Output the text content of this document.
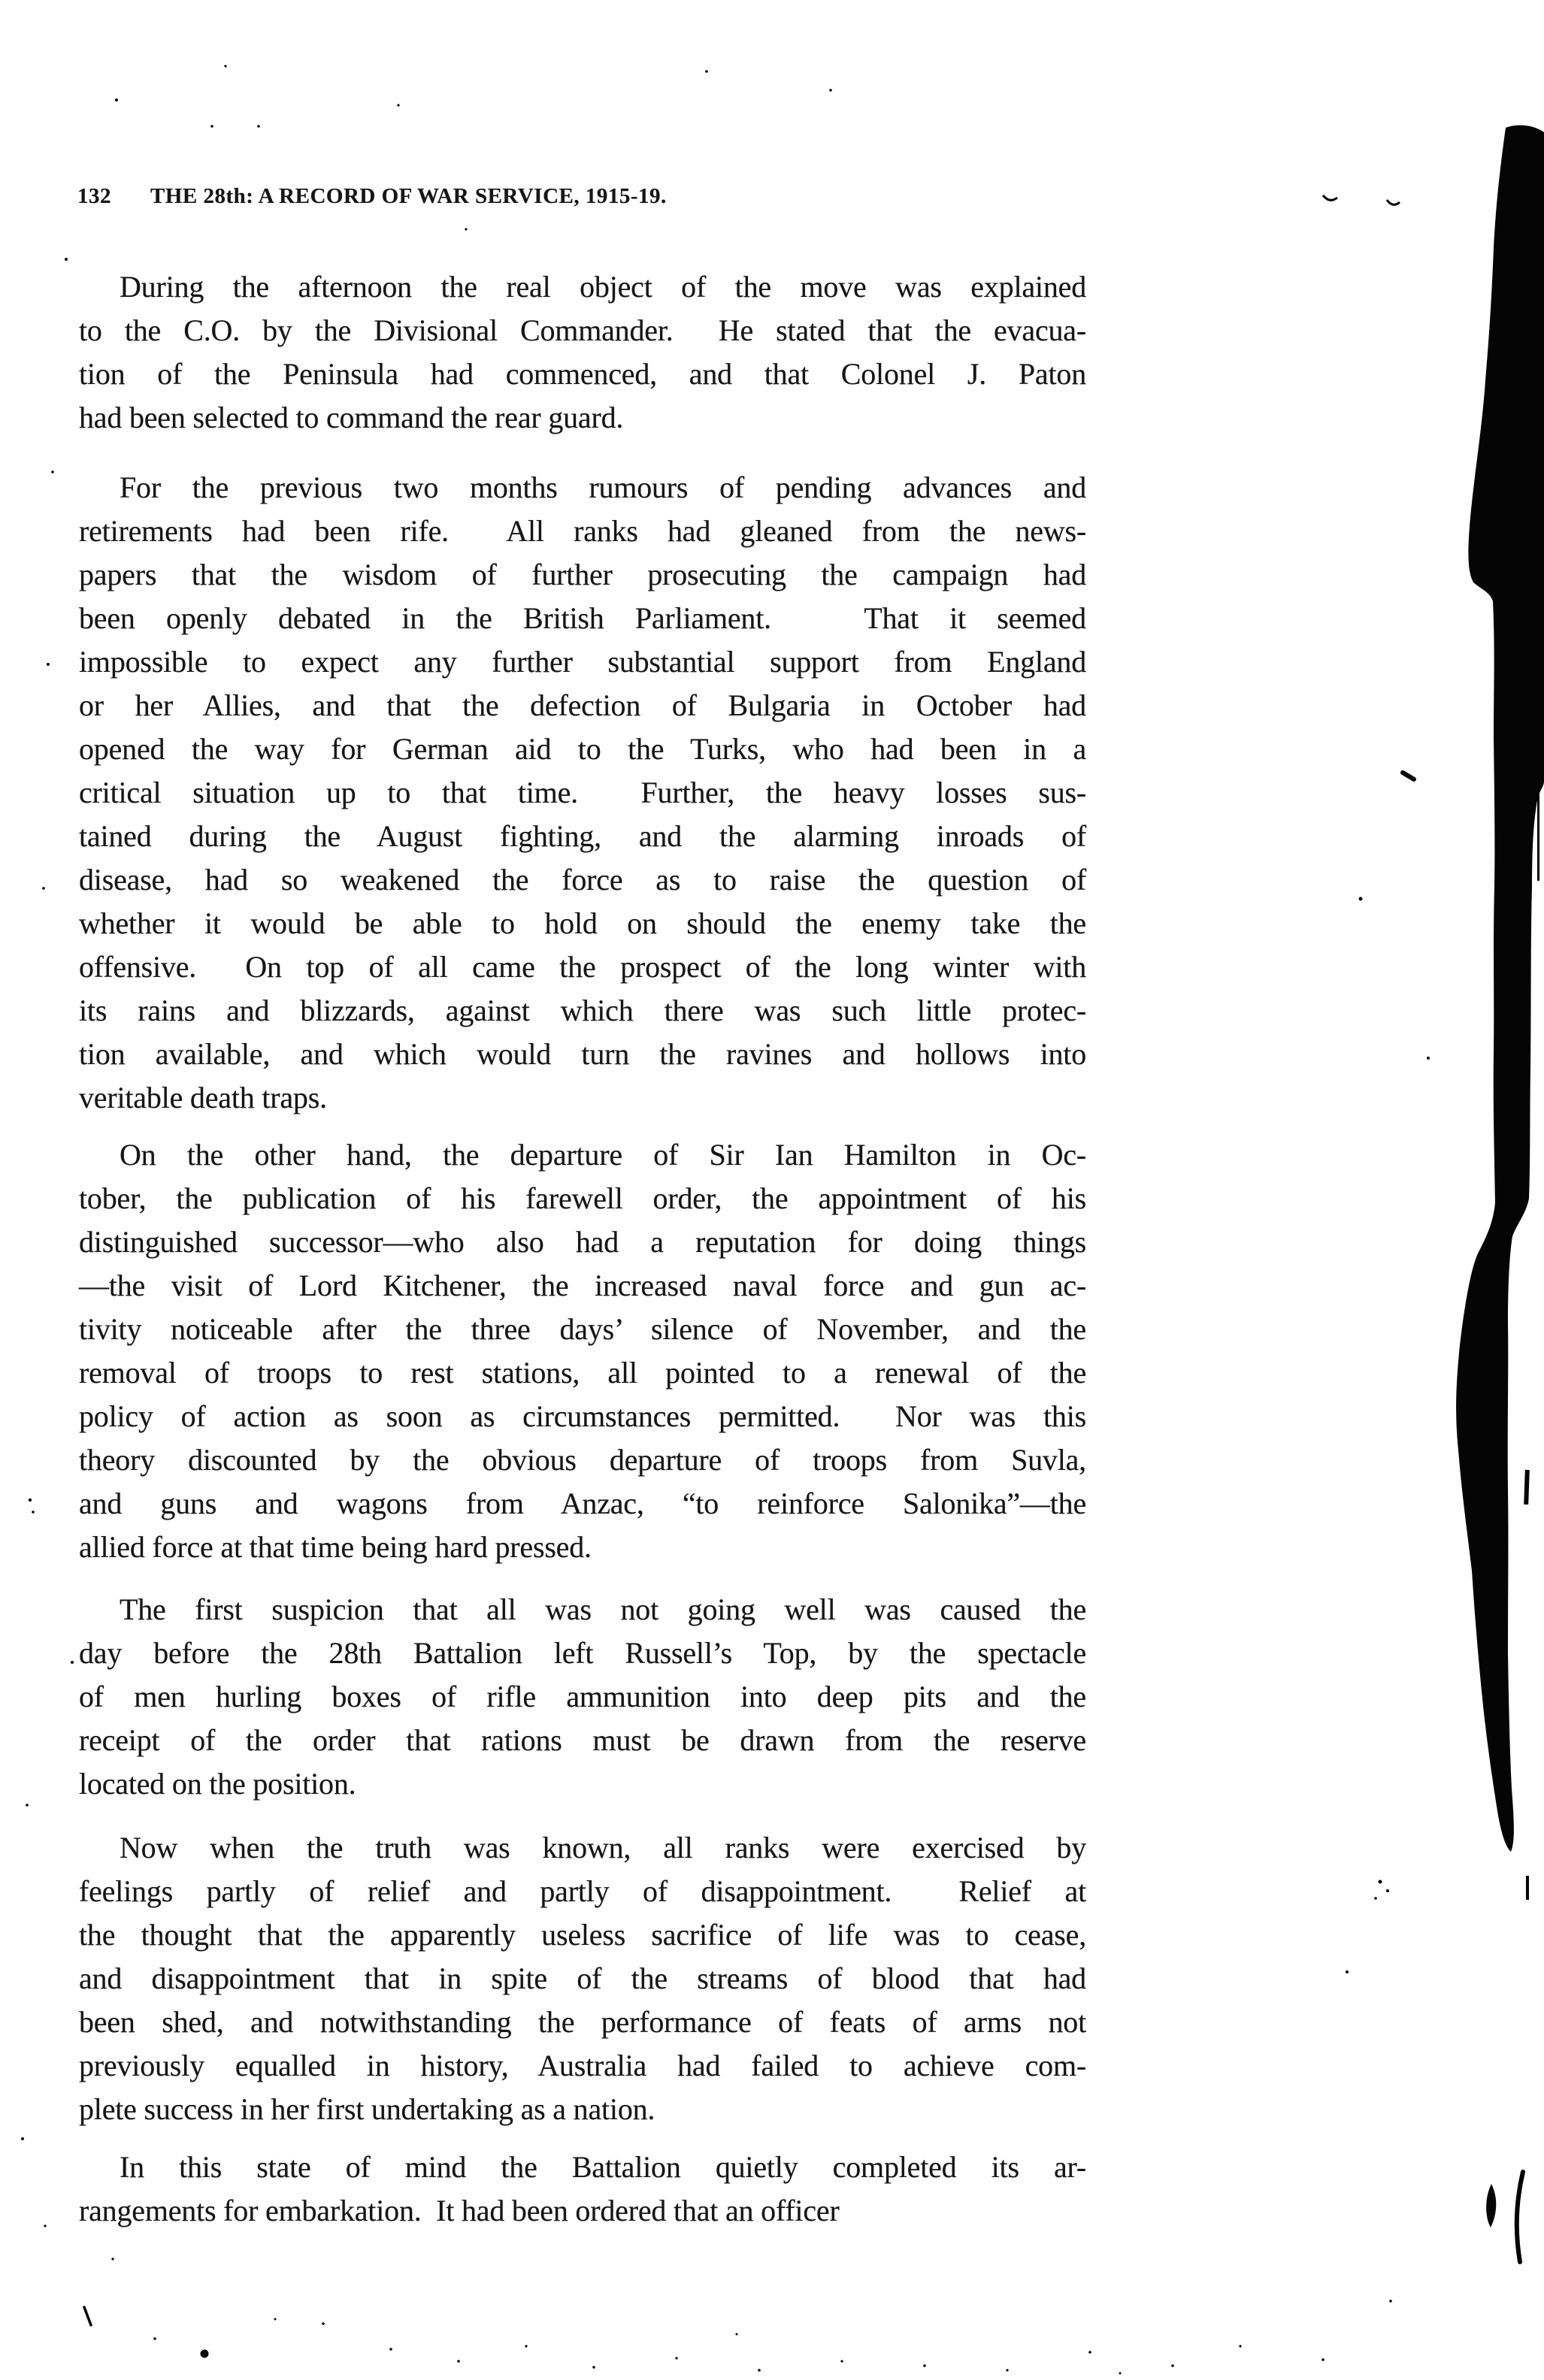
132 THE 28th: A RECORD OF WAR SERVICE, 1915-19.
During the afternoon the real object of the move was explained
to the C.O. by the Divisional Commander.  He stated that the evacua-
tion of the Peninsula had commenced, and that Colonel J. Paton
had been selected to command the rear guard.
For the previous two months rumours of pending advances and
retirements had been rife.  All ranks had gleaned from the news-
papers that the wisdom of further prosecuting the campaign had
been openly debated in the British Parliament.   That it seemed
impossible to expect any further substantial support from England
or her Allies, and that the defection of Bulgaria in October had
opened the way for German aid to the Turks, who had been in a
critical situation up to that time.  Further, the heavy losses sus-
tained during the August fighting, and the alarming inroads of
disease, had so weakened the force as to raise the question of
whether it would be able to hold on should the enemy take the
offensive.  On top of all came the prospect of the long winter with
its rains and blizzards, against which there was such little protec-
tion available, and which would turn the ravines and hollows into
veritable death traps.
On the other hand, the departure of Sir Ian Hamilton in Oc-
tober, the publication of his farewell order, the appointment of his
distinguished successor—who also had a reputation for doing things
—the visit of Lord Kitchener, the increased naval force and gun ac-
tivity noticeable after the three days’ silence of November, and the
removal of troops to rest stations, all pointed to a renewal of the
policy of action as soon as circumstances permitted.  Nor was this
theory discounted by the obvious departure of troops from Suvla,
and guns and wagons from Anzac, “to reinforce Salonika”—the
allied force at that time being hard pressed.
The first suspicion that all was not going well was caused the
day before the 28th Battalion left Russell’s Top, by the spectacle
of men hurling boxes of rifle ammunition into deep pits and the
receipt of the order that rations must be drawn from the reserve
located on the position.
Now when the truth was known, all ranks were exercised by
feelings partly of relief and partly of disappointment.  Relief at
the thought that the apparently useless sacrifice of life was to cease,
and disappointment that in spite of the streams of blood that had
been shed, and notwithstanding the performance of feats of arms not
previously equalled in history, Australia had failed to achieve com-
plete success in her first undertaking as a nation.
In this state of mind the Battalion quietly completed its ar-
rangements for embarkation.  It had been ordered that an officer
